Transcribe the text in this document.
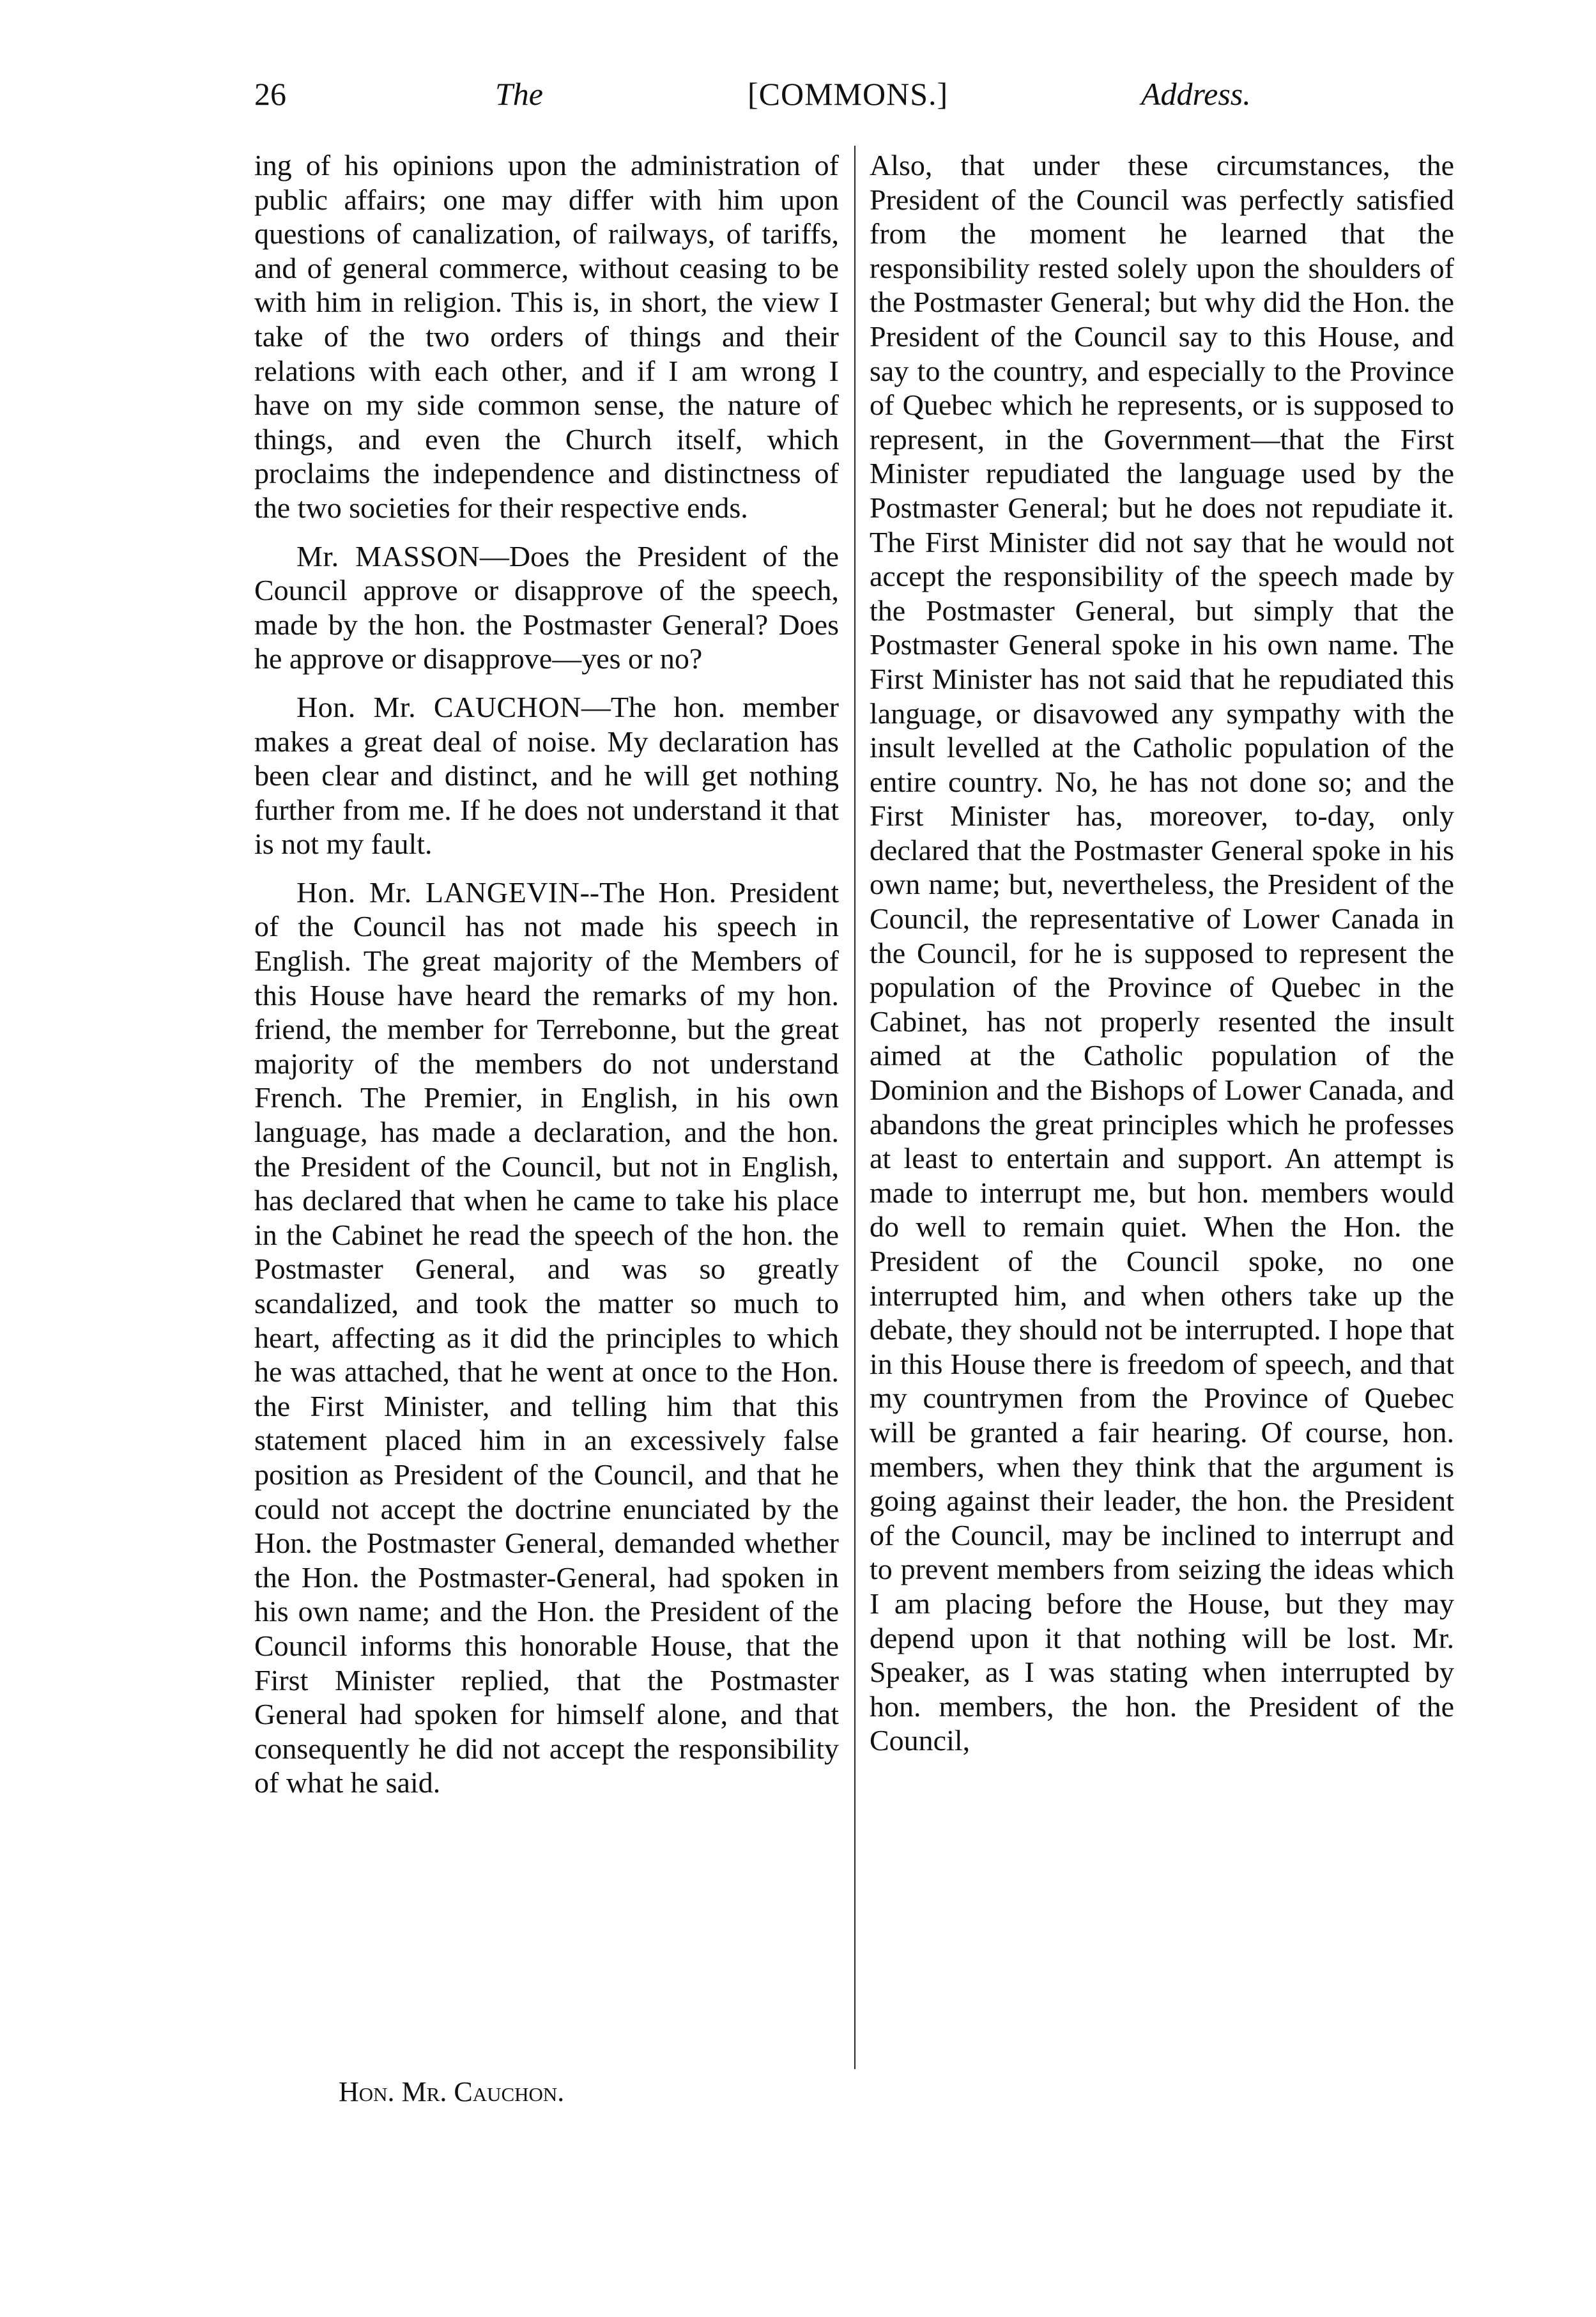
26	The	[COMMONS.]	Address.

ing of his opinions upon the administration of public affairs; one may differ with him upon questions of canalization, of railways, of tariffs, and of general commerce, without ceasing to be with him in religion. This is, in short, the view I take of the two orders of things and their relations with each other, and if I am wrong I have on my side common sense, the nature of things, and even the Church itself, which proclaims the independence and distinctness of the two societies for their respective ends.

Mr. MASSON—Does the President of the Council approve or disapprove of the speech, made by the hon. the Postmaster General? Does he approve or disapprove—yes or no?

Hon. Mr. CAUCHON—The hon. member makes a great deal of noise. My declaration has been clear and distinct, and he will get nothing further from me. If he does not understand it that is not my fault.

Hon. Mr. LANGEVIN--The Hon. President of the Council has not made his speech in English. The great majority of the Members of this House have heard the remarks of my hon. friend, the member for Terrebonne, but the great majority of the members do not understand French. The Premier, in English, in his own language, has made a declaration, and the hon. the President of the Council, but not in English, has declared that when he came to take his place in the Cabinet he read the speech of the hon. the Postmaster General, and was so greatly scandalized, and took the matter so much to heart, affecting as it did the principles to which he was attached, that he went at once to the Hon. the First Minister, and telling him that this statement placed him in an excessively false position as President of the Council, and that he could not accept the doctrine enunciated by the Hon. the Postmaster General, demanded whether the Hon. the Postmaster-General, had spoken in his own name; and the Hon. the President of the Council informs this honorable House, that the First Minister replied, that the Postmaster General had spoken for himself alone, and that consequently he did not accept the responsibility of what he said.

Also, that under these circumstances, the President of the Council was perfectly satisfied from the moment he learned that the responsibility rested solely upon the shoulders of the Postmaster General; but why did the Hon. the President of the Council say to this House, and say to the country, and especially to the Province of Quebec which he represents, or is supposed to represent, in the Government—that the First Minister repudiated the language used by the Postmaster General; but he does not repudiate it. The First Minister did not say that he would not accept the responsibility of the speech made by the Postmaster General, but simply that the Postmaster General spoke in his own name. The First Minister has not said that he repudiated this language, or disavowed any sympathy with the insult levelled at the Catholic population of the entire country. No, he has not done so; and the First Minister has, moreover, to-day, only declared that the Postmaster General spoke in his own name; but, nevertheless, the President of the Council, the representative of Lower Canada in the Council, for he is supposed to represent the population of the Province of Quebec in the Cabinet, has not properly resented the insult aimed at the Catholic population of the Dominion and the Bishops of Lower Canada, and abandons the great principles which he professes at least to entertain and support. An attempt is made to interrupt me, but hon. members would do well to remain quiet. When the Hon. the President of the Council spoke, no one interrupted him, and when others take up the debate, they should not be interrupted. I hope that in this House there is freedom of speech, and that my countrymen from the Province of Quebec will be granted a fair hearing. Of course, hon. members, when they think that the argument is going against their leader, the hon. the President of the Council, may be inclined to interrupt and to prevent members from seizing the ideas which I am placing before the House, but they may depend upon it that nothing will be lost. Mr. Speaker, as I was stating when interrupted by hon. members, the hon. the President of the Council,

Hon. Mr. Cauchon.
